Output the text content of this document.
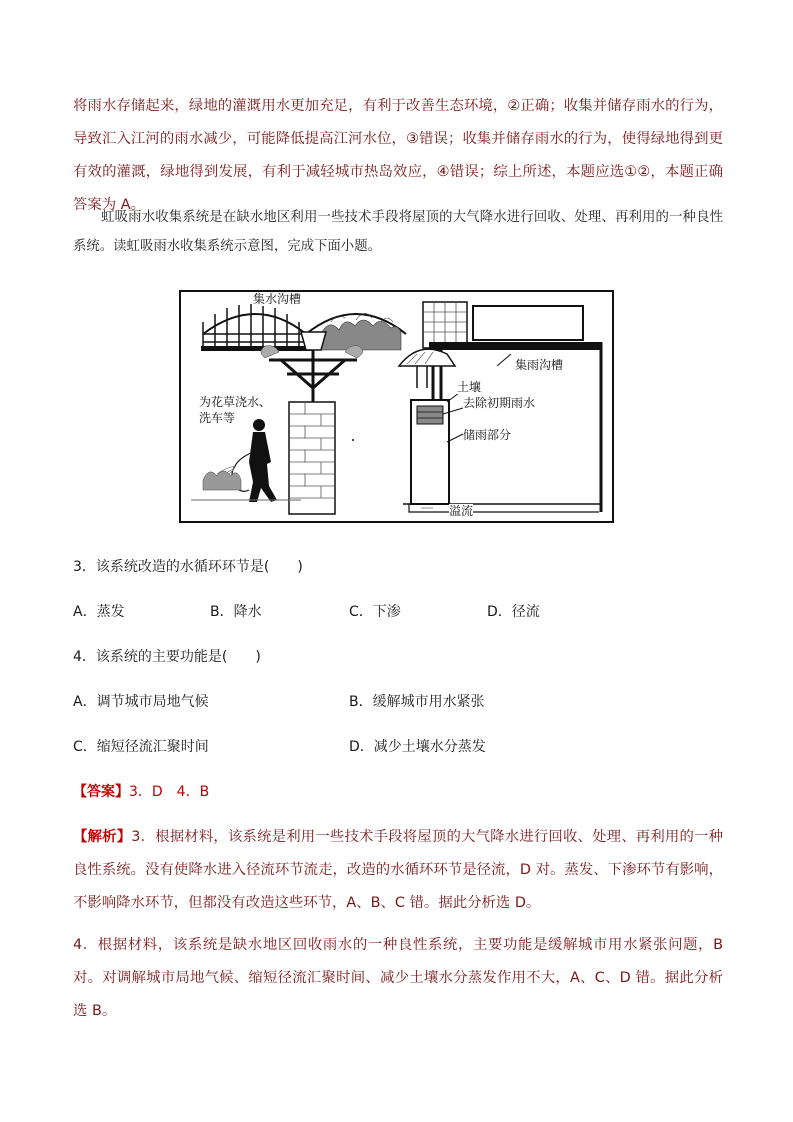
将雨水存储起来，绿地的灌溉用水更加充足，有利于改善生态环境，②正确；收集并储存雨水的行为，导致汇入江河的雨水减少，可能降低提高江河水位，③错误；收集并储存雨水的行为，使得绿地得到更有效的灌溉，绿地得到发展，有利于减轻城市热岛效应，④错误；综上所述，本题应选①②，本题正确答案为 A。

虹吸雨水收集系统是在缺水地区利用一些技术手段将屋顶的大气降水进行回收、处理、再利用的一种良性系统。读虹吸雨水收集系统示意图，完成下面小题。

集水沟槽
集雨沟槽
为花草浇水、
洗车等
土壤
去除初期雨水
储雨部分
溢流
3．该系统改造的水循环环节是(　　)
A．蒸发	B．降水	C．下渗	D．径流
4．该系统的主要功能是(　　)
A．调节城市局地气候	B．缓解城市用水紧张
C．缩短径流汇聚时间	D．减少土壤水分蒸发
【答案】3．D　4．B

【解析】3．根据材料，该系统是利用一些技术手段将屋顶的大气降水进行回收、处理、再利用的一种良性系统。没有使降水进入径流环节流走，改造的水循环环节是径流，D 对。蒸发、下渗环节有影响，不影响降水环节，但都没有改造这些环节，A、B、C 错。据此分析选 D。

4．根据材料，该系统是缺水地区回收雨水的一种良性系统，主要功能是缓解城市用水紧张问题，B 对。对调解城市局地气候、缩短径流汇聚时间、减少土壤水分蒸发作用不大，A、C、D 错。据此分析选 B。
